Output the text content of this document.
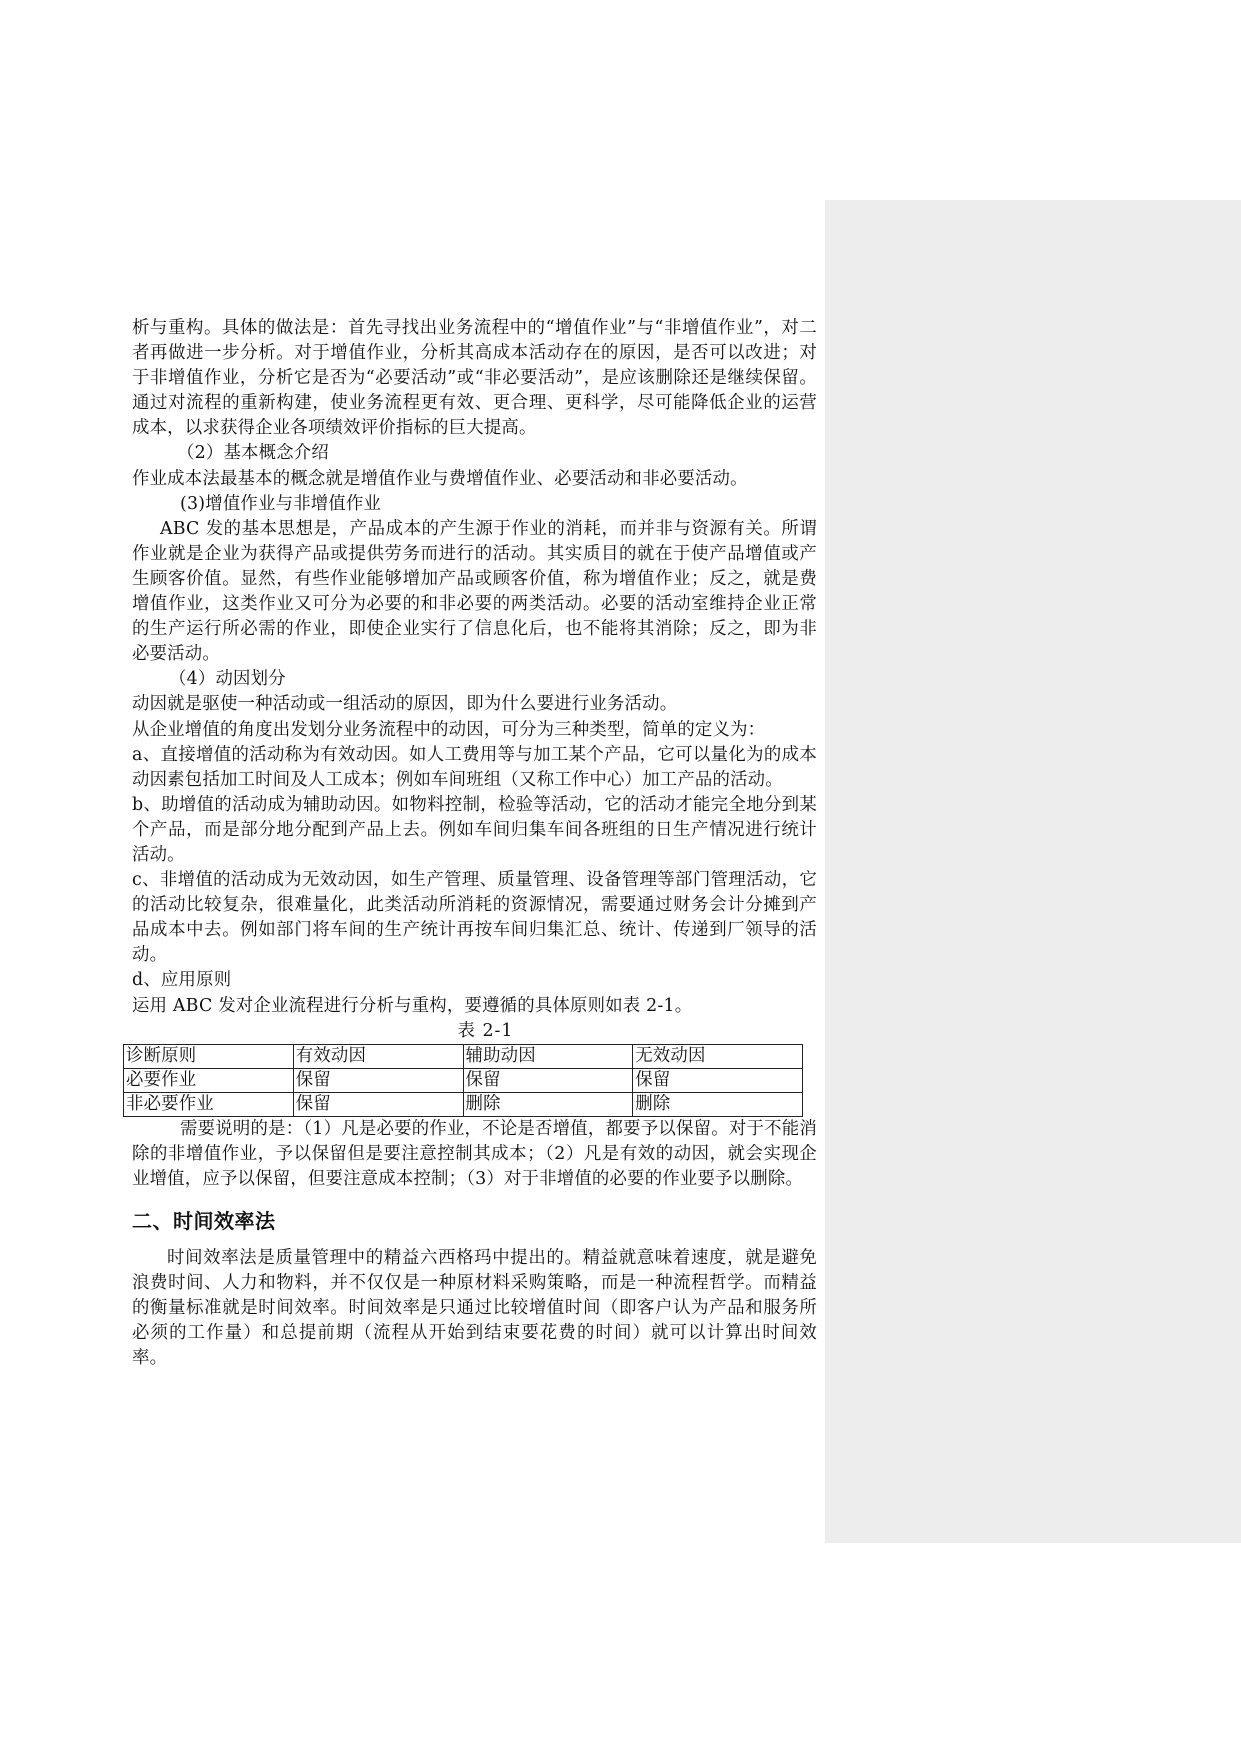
析与重构。具体的做法是：首先寻找出业务流程中的“增值作业”与“非增值作业”，对二者再做进一步分析。对于增值作业，分析其高成本活动存在的原因，是否可以改进；对于非增值作业，分析它是否为“必要活动”或“非必要活动”，是应该删除还是继续保留。通过对流程的重新构建，使业务流程更有效、更合理、更科学，尽可能降低企业的运营成本，以求获得企业各项绩效评价指标的巨大提高。

（2）基本概念介绍

作业成本法最基本的概念就是增值作业与费增值作业、必要活动和非必要活动。

(3)增值作业与非增值作业

ABC 发的基本思想是，产品成本的产生源于作业的消耗，而并非与资源有关。所谓作业就是企业为获得产品或提供劳务而进行的活动。其实质目的就在于使产品增值或产生顾客价值。显然，有些作业能够增加产品或顾客价值，称为增值作业；反之，就是费增值作业，这类作业又可分为必要的和非必要的两类活动。必要的活动室维持企业正常的生产运行所必需的作业，即使企业实行了信息化后，也不能将其消除；反之，即为非必要活动。

（4）动因划分

动因就是驱使一种活动或一组活动的原因，即为什么要进行业务活动。

从企业增值的角度出发划分业务流程中的动因，可分为三种类型，简单的定义为：

a、直接增值的活动称为有效动因。如人工费用等与加工某个产品，它可以量化为的成本动因素包括加工时间及人工成本；例如车间班组（又称工作中心）加工产品的活动。

b、助增值的活动成为辅助动因。如物料控制，检验等活动，它的活动才能完全地分到某个产品，而是部分地分配到产品上去。例如车间归集车间各班组的日生产情况进行统计活动。

c、非增值的活动成为无效动因，如生产管理、质量管理、设备管理等部门管理活动，它的活动比较复杂，很难量化，此类活动所消耗的资源情况，需要通过财务会计分摊到产品成本中去。例如部门将车间的生产统计再按车间归集汇总、统计、传递到厂领导的活动。

d、应用原则

运用 ABC 发对企业流程进行分析与重构，要遵循的具体原则如表 2-1。

表 2-1

诊断原则	有效动因	辅助动因	无效动因
必要作业	保留	保留	保留
非必要作业	保留	删除	删除

需要说明的是：（1）凡是必要的作业，不论是否增值，都要予以保留。对于不能消除的非增值作业，予以保留但是要注意控制其成本；（2）凡是有效的动因，就会实现企业增值，应予以保留，但要注意成本控制；（3）对于非增值的必要的作业要予以删除。

二、时间效率法

时间效率法是质量管理中的精益六西格玛中提出的。精益就意味着速度，就是避免浪费时间、人力和物料，并不仅仅是一种原材料采购策略，而是一种流程哲学。而精益的衡量标准就是时间效率。时间效率是只通过比较增值时间（即客户认为产品和服务所必须的工作量）和总提前期（流程从开始到结束要花费的时间）就可以计算出时间效率。
